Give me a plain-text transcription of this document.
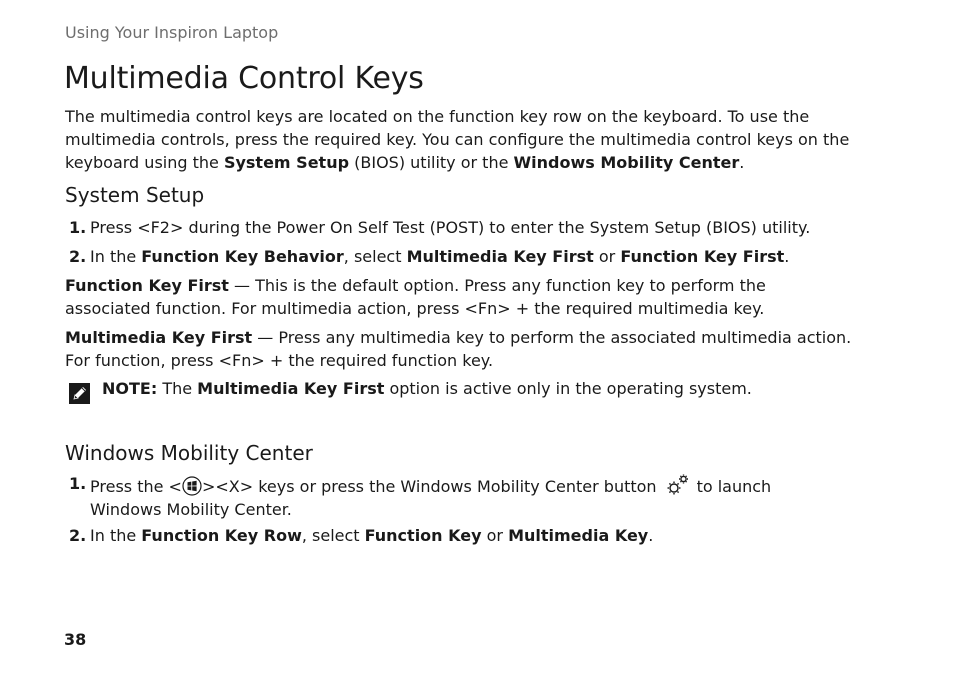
Using Your Inspiron Laptop
Multimedia Control Keys

The multimedia control keys are located on the function key row on the keyboard. To use the multimedia controls, press the required key. You can configure the multimedia control keys on the keyboard using the System Setup (BIOS) utility or the Windows Mobility Center.

System Setup
1. Press <F2> during the Power On Self Test (POST) to enter the System Setup (BIOS) utility.
2. In the Function Key Behavior, select Multimedia Key First or Function Key First.

Function Key First — This is the default option. Press any function key to perform the associated function. For multimedia action, press <Fn> + the required multimedia key.

Multimedia Key First — Press any multimedia key to perform the associated multimedia action. For function, press <Fn> + the required function key.

NOTE: The Multimedia Key First option is active only in the operating system.

Windows Mobility Center
1. Press the < ><X> keys or press the Windows Mobility Center button	to launch Windows Mobility Center.
2. In the Function Key Row, select Function Key or Multimedia Key.
38
